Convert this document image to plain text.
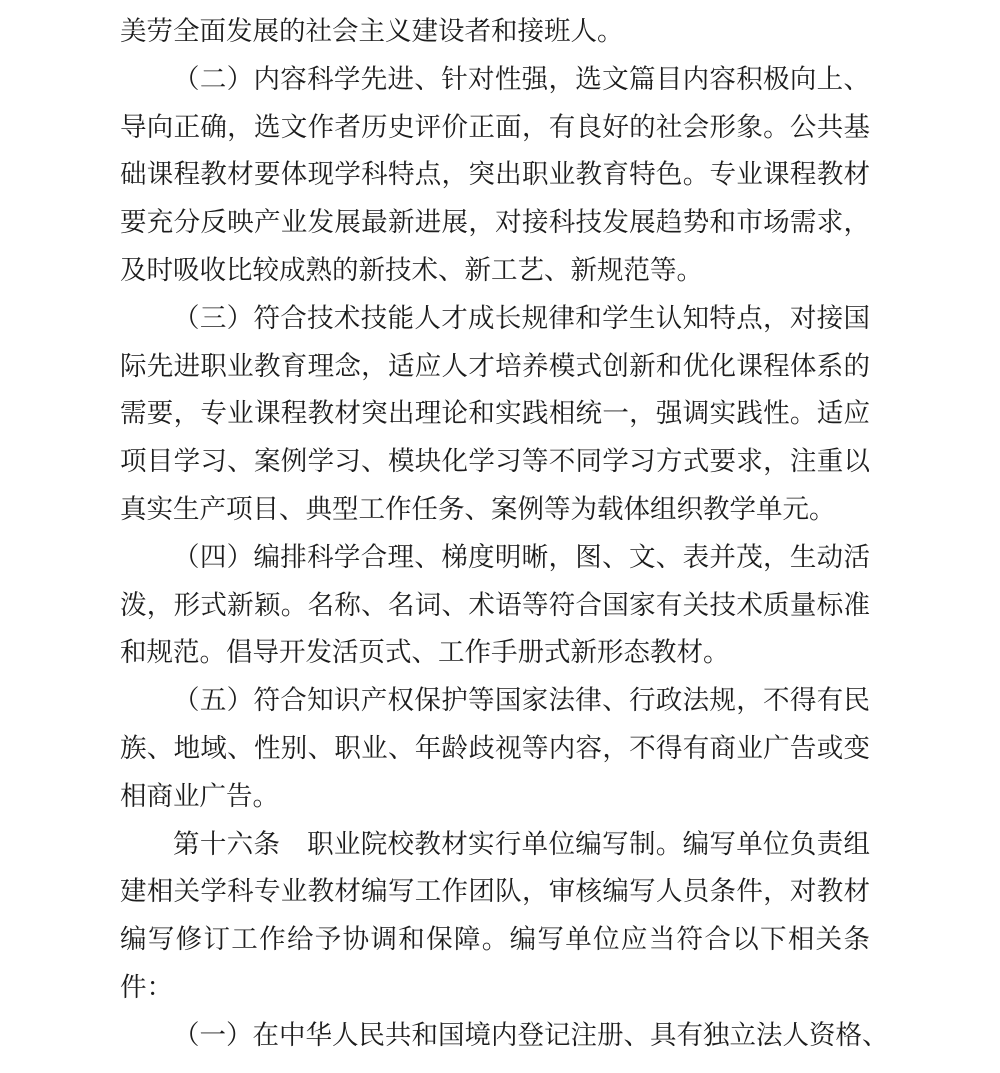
美劳全面发展的社会主义建设者和接班人。
（二）内容科学先进、针对性强，选文篇目内容积极向上、
导向正确，选文作者历史评价正面，有良好的社会形象。公共基
础课程教材要体现学科特点，突出职业教育特色。专业课程教材
要充分反映产业发展最新进展，对接科技发展趋势和市场需求，
及时吸收比较成熟的新技术、新工艺、新规范等。
（三）符合技术技能人才成长规律和学生认知特点，对接国
际先进职业教育理念，适应人才培养模式创新和优化课程体系的
需要，专业课程教材突出理论和实践相统一，强调实践性。适应
项目学习、案例学习、模块化学习等不同学习方式要求，注重以
真实生产项目、典型工作任务、案例等为载体组织教学单元。
（四）编排科学合理、梯度明晰，图、文、表并茂，生动活
泼，形式新颖。名称、名词、术语等符合国家有关技术质量标准
和规范。倡导开发活页式、工作手册式新形态教材。
（五）符合知识产权保护等国家法律、行政法规，不得有民
族、地域、性别、职业、年龄歧视等内容，不得有商业广告或变
相商业广告。
第十六条　职业院校教材实行单位编写制。编写单位负责组
建相关学科专业教材编写工作团队，审核编写人员条件，对教材
编写修订工作给予协调和保障。编写单位应当符合以下相关条
件：
（一）在中华人民共和国境内登记注册、具有独立法人资格、
